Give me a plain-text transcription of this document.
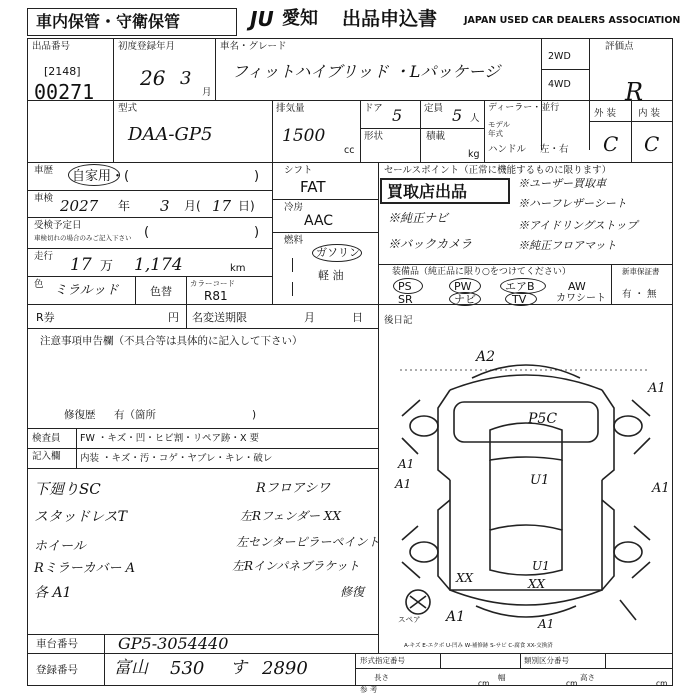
車内保管・守衛保管	JU 愛知 出品申込書	JAPAN USED CAR DEALERS ASSOCIATION
出品番号
[2148]
00271
初度登録年月
26 3
月
車名・グレード
フィットハイブリッド ・Lパッケージ
2WD
4WD
評価点
R
型式
DAA-GP5
排気量
1500
cc
ドア 5 定員 5 人
形状	積載
kg
ディーラー・並行
モデル
年式
ハンドル 左・右
外 装 内 装
C C
車歴 自家用・(	)
車検 2027 年 3 月( 17 日)
受検予定日
車検切れの場合のみご記入下さい (	)
走行 17 万 1,174	km
色 ミラルッド	色替
カラーコード
R81
シフト
FAT
冷房
AAC
燃料
ガソリン
軽 油
セールスポイント（正常に機能するものに限ります）
買取店出品	※ユーザー買取車
※ハーフレザーシート
※純正ナビ
※アイドリングストップ
※バックカメラ	※純正フロアマット
装備品（純正品に限り○をつけてください）
PS	PW	エアB	AW
SR	ナビ	TV	カワシート
新車保証書
有 ・ 無
R券	円 名変送期限	月	日 後日記
注意事項申告欄（不具合等は具体的に記入して下さい）
修復歴 有（箇所	)
検査員
記入欄
FW ・キズ・凹・ヒビ割・リペア跡・X 要
内装 ・キズ・汚・コゲ・ヤブレ・キレ・破レ
下廻りSC	Rフロアシワ
スタッドレスT	左Rフェンダー XX
ホイール	左センターピラーペイント
Rミラーカバー A	左Rインパネブラケット
各 A1	修復
A2
A1
P5C
U1
A1
A1	A1
U1
XX	XX
A1	A1
スペア
A-キズ E-エクボ U-凹み W-補修跡 S-サビ C-腐食 XX-交換済
車台番号	GP5-3054440
登録番号 富山 530 す 2890	形式指定番号	類別区分番号
長さ	幅	高さ
cm	cm	cm
参 考
